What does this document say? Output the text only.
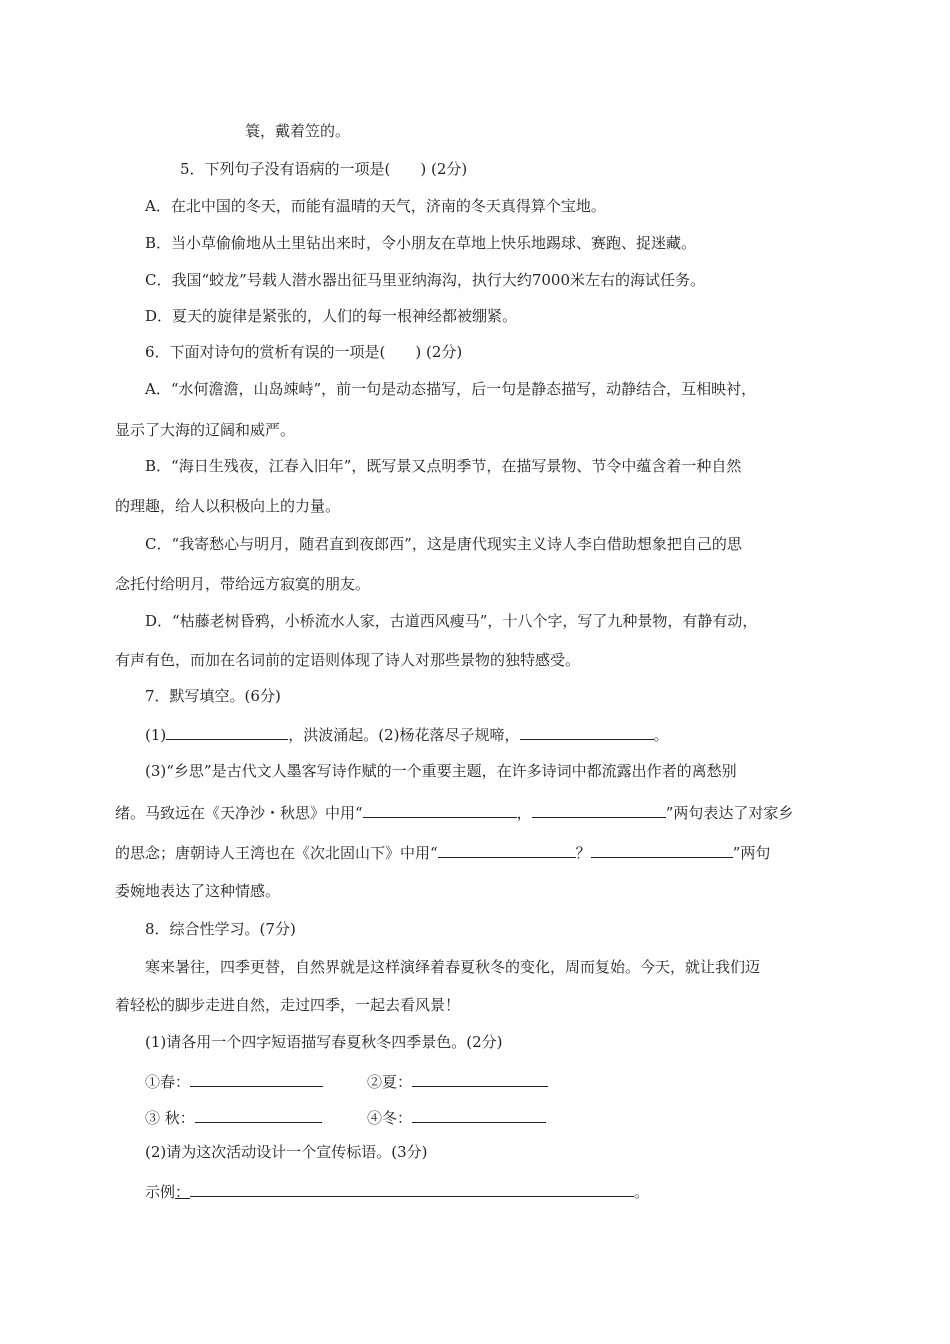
簑，戴着笠的。
5．下列句子没有语病的一项是(　　) (2分)
A．在北中国的冬天，而能有温晴的天气，济南的冬天真得算个宝地。
B．当小草偷偷地从土里钻出来时，令小朋友在草地上快乐地踢球、赛跑、捉迷藏。
C．我国“蛟龙”号载人潜水器出征马里亚纳海沟，执行大约7000米左右的海试任务。
D．夏天的旋律是紧张的，人们的每一根神经都被绷紧。
6．下面对诗句的赏析有误的一项是(　　) (2分)
A．“水何澹澹，山岛竦峙”，前一句是动态描写，后一句是静态描写，动静结合，互相映衬，
显示了大海的辽阔和威严。
B．“海日生残夜，江春入旧年”，既写景又点明季节，在描写景物、节令中蕴含着一种自然
的理趣，给人以积极向上的力量。
C．“我寄愁心与明月，随君直到夜郎西”，这是唐代现实主义诗人李白借助想象把自己的思
念托付给明月，带给远方寂寞的朋友。
D．“枯藤老树昏鸦，小桥流水人家，古道西风瘦马”，十八个字，写了九种景物，有静有动，
有声有色，而加在名词前的定语则体现了诗人对那些景物的独特感受。
7．默写填空。(6分)
(1)	，洪波涌起。(2)杨花落尽子规啼，	。
(3)“乡思”是古代文人墨客写诗作赋的一个重要主题，在许多诗词中都流露出作者的离愁别
绪。马致远在《天净沙・秋思》中用“	，	”两句表达了对家乡
的思念；唐朝诗人王湾也在《次北固山下》中用“	？	”两句
委婉地表达了这种情感。
8．综合性学习。(7分)
寒来暑往，四季更替，自然界就是这样演绎着春夏秋冬的变化，周而复始。今天，就让我们迈
着轻松的脚步走进自然，走过四季，一起去看风景！
(1)请各用一个四字短语描写春夏秋冬四季景色。(2分)
①春：	②夏：
③ 秋：	④冬：
(2)请为这次活动设计一个宣传标语。(3分)
示例：	。
